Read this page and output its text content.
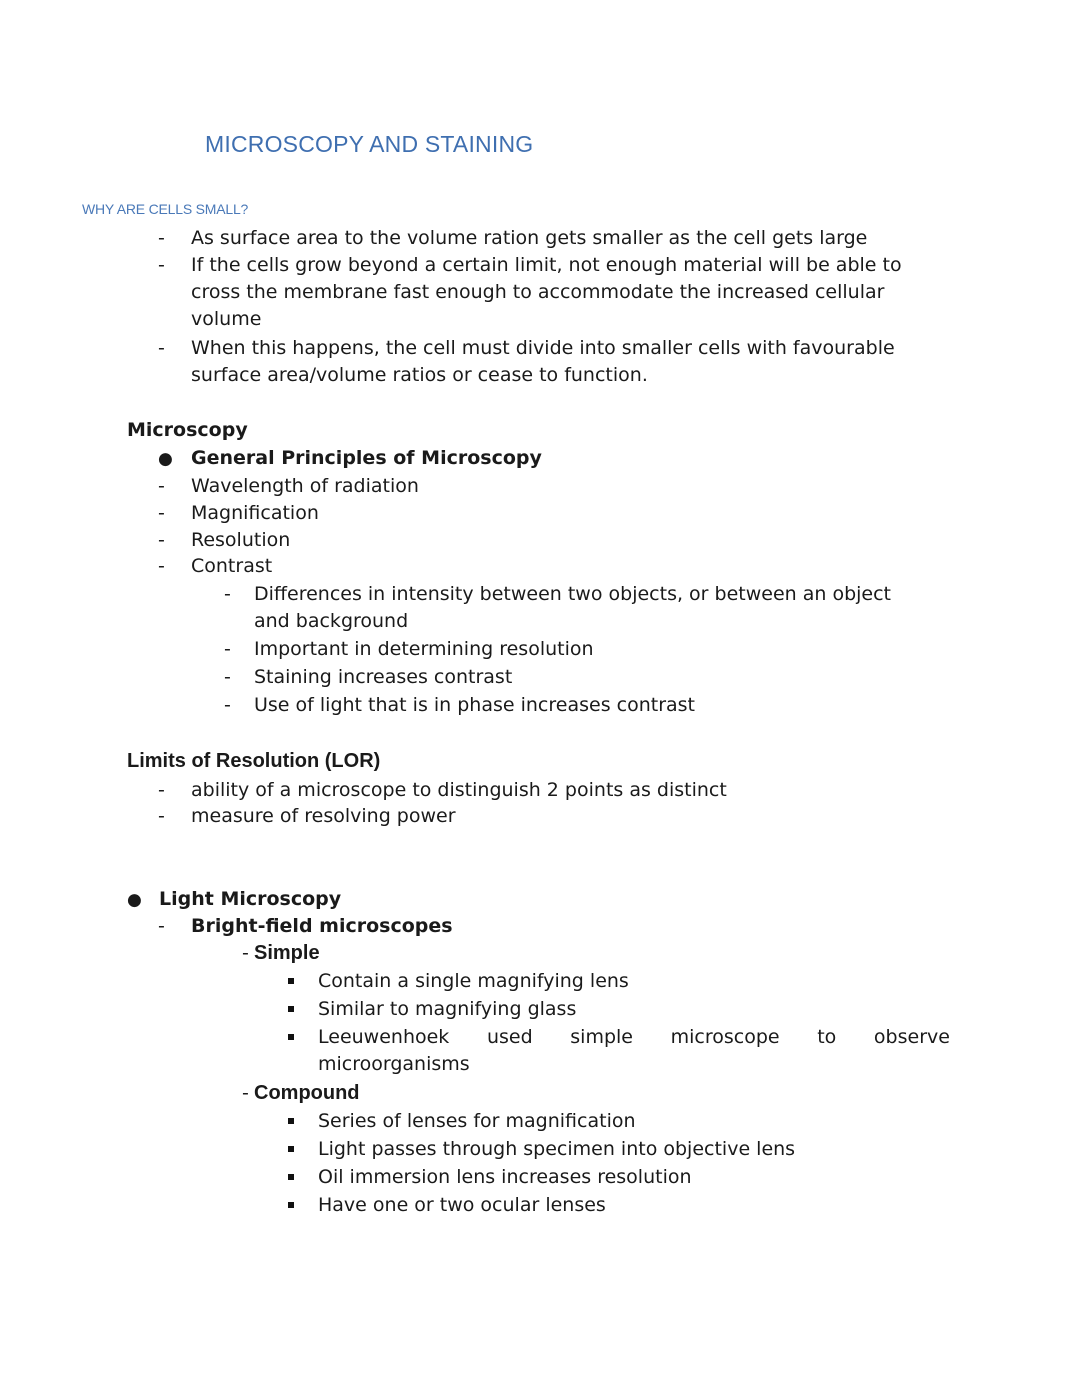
MICROSCOPY AND STAINING
WHY ARE CELLS SMALL?
- As surface area to the volume ration gets smaller as the cell gets large
- If the cells grow beyond a certain limit, not enough material will be able to
cross the membrane fast enough to accommodate the increased cellular
volume
- When this happens, the cell must divide into smaller cells with favourable
surface area/volume ratios or cease to function.
Microscopy
● General Principles of Microscopy
- Wavelength of radiation
- Magnification
- Resolution
- Contrast
- Differences in intensity between two objects, or between an object
and background
- Important in determining resolution
- Staining increases contrast
- Use of light that is in phase increases contrast
Limits of Resolution (LOR)
- ability of a microscope to distinguish 2 points as distinct
- measure of resolving power
● Light Microscopy
- Bright-field microscopes
- Simple
Contain a single magnifying lens
Similar to magnifying glass
Leeuwenhoek used simple microscope to observe
microorganisms
- Compound
Series of lenses for magnification
Light passes through specimen into objective lens
Oil immersion lens increases resolution
Have one or two ocular lenses
